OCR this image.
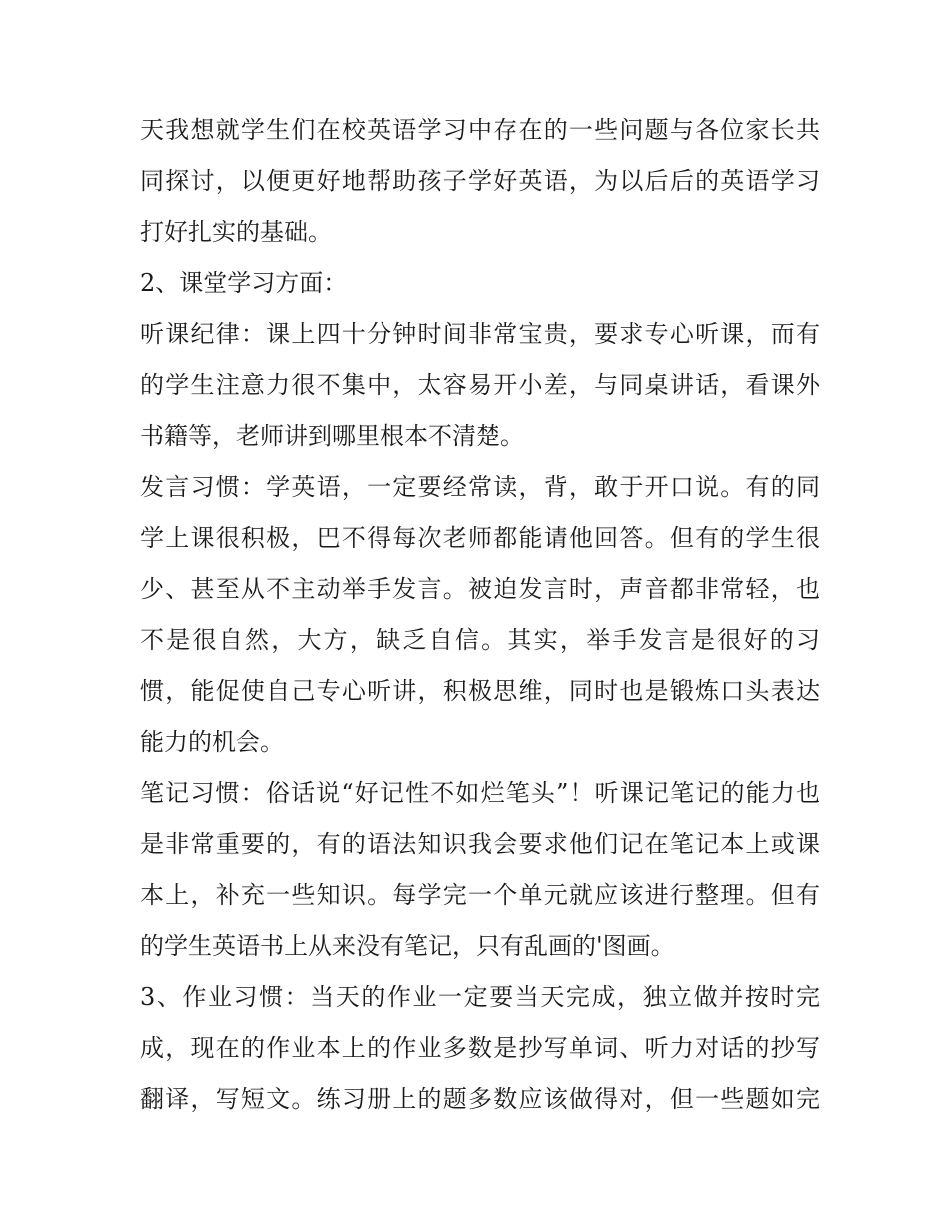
天我想就学生们在校英语学习中存在的一些问题与各位家长共
同探讨，以便更好地帮助孩子学好英语，为以后后的英语学习
打好扎实的基础。
2、课堂学习方面：
听课纪律：课上四十分钟时间非常宝贵，要求专心听课，而有
的学生注意力很不集中，太容易开小差，与同桌讲话，看课外
书籍等，老师讲到哪里根本不清楚。
发言习惯：学英语，一定要经常读，背，敢于开口说。有的同
学上课很积极，巴不得每次老师都能请他回答。但有的学生很
少、甚至从不主动举手发言。被迫发言时，声音都非常轻，也
不是很自然，大方，缺乏自信。其实，举手发言是很好的习
惯，能促使自己专心听讲，积极思维，同时也是锻炼口头表达
能力的机会。
笔记习惯：俗话说“好记性不如烂笔头”！听课记笔记的能力也
是非常重要的，有的语法知识我会要求他们记在笔记本上或课
本上，补充一些知识。每学完一个单元就应该进行整理。但有
的学生英语书上从来没有笔记，只有乱画的'图画。
3、作业习惯：当天的作业一定要当天完成，独立做并按时完
成，现在的作业本上的作业多数是抄写单词、听力对话的抄写
翻译，写短文。练习册上的题多数应该做得对，但一些题如完
